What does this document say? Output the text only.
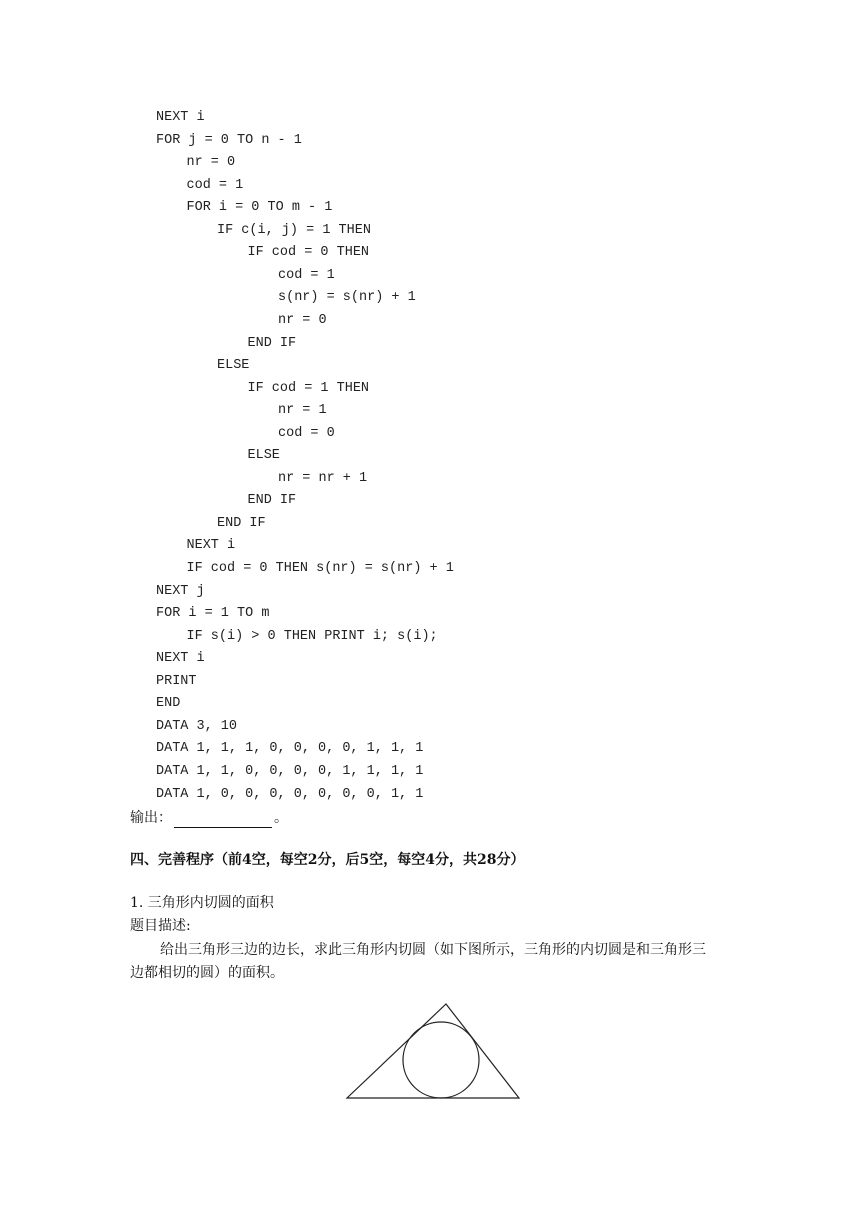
NEXT i
FOR j = 0 TO n - 1
nr = 0
cod = 1
FOR i = 0 TO m - 1
IF c(i, j) = 1 THEN
IF cod = 0 THEN
cod = 1
s(nr) = s(nr) + 1
nr = 0
END IF
ELSE
IF cod = 1 THEN
nr = 1
cod = 0
ELSE
nr = nr + 1
END IF
END IF
NEXT i
IF cod = 0 THEN s(nr) = s(nr) + 1
NEXT j
FOR i = 1 TO m
IF s(i) > 0 THEN PRINT i; s(i);
NEXT i
PRINT
END
DATA 3, 10
DATA 1, 1, 1, 0, 0, 0, 0, 1, 1, 1
DATA 1, 1, 0, 0, 0, 0, 1, 1, 1, 1
DATA 1, 0, 0, 0, 0, 0, 0, 0, 1, 1
输出：	。
四、完善程序（前4空，每空2分，后5空，每空4分，共28分）
1. 三角形内切圆的面积
题目描述:
给出三角形三边的边长，求此三角形内切圆（如下图所示，三角形的内切圆是和三角形三
边都相切的圆）的面积。
